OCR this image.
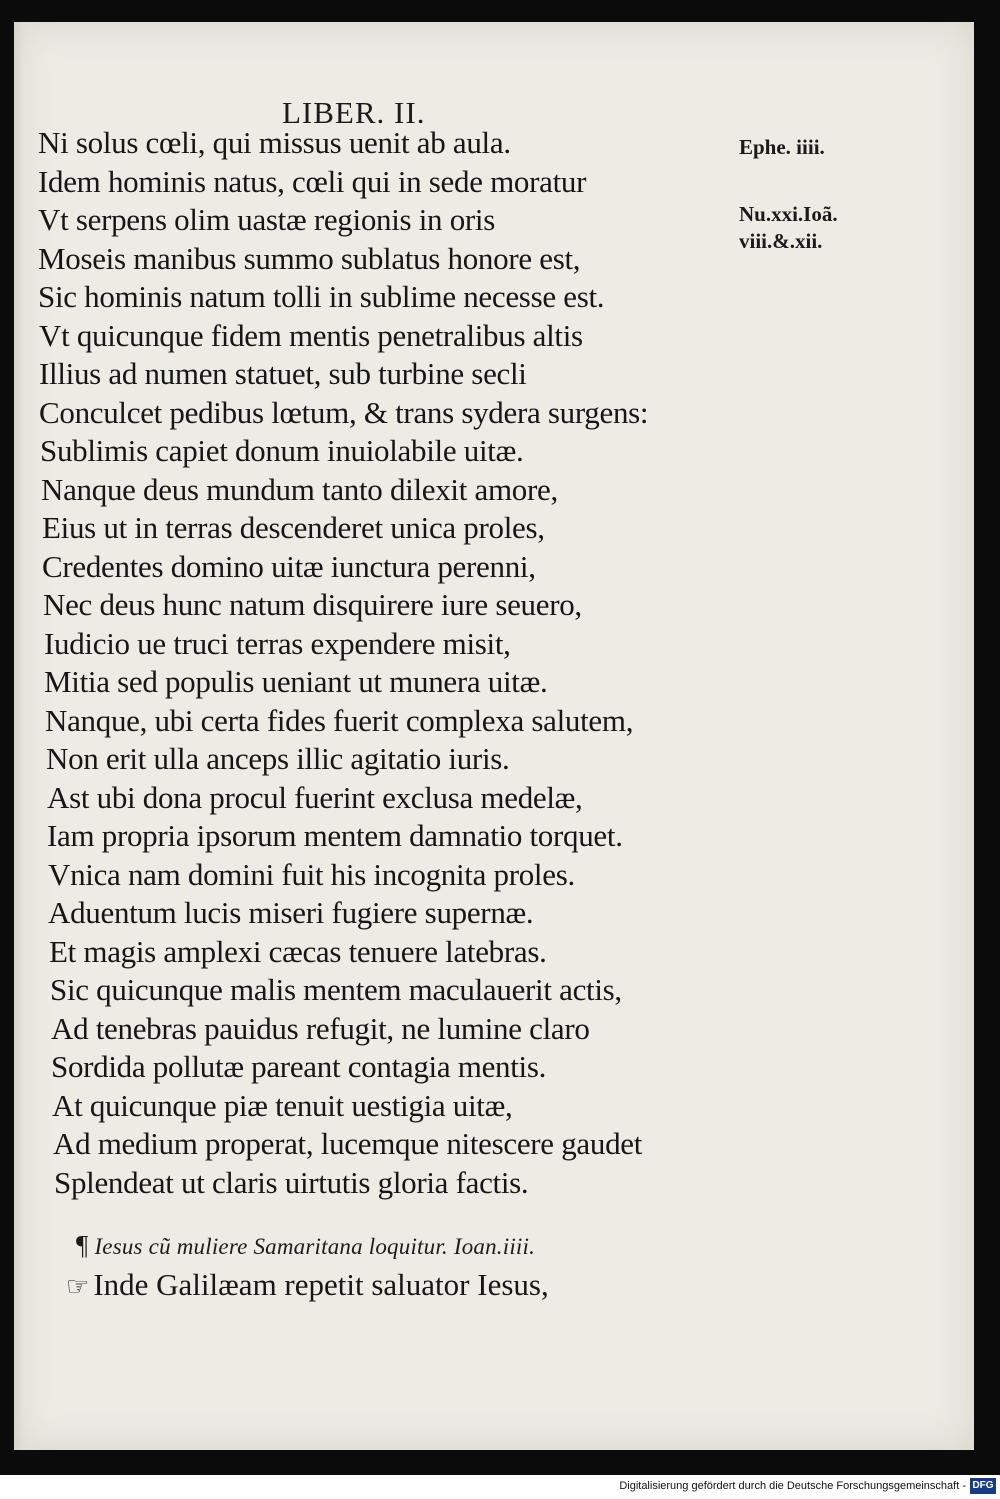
LIBER. II.
Ni solus cœli, qui missus uenit ab aula.
Idem hominis natus, cœli qui in sede moratur
Vt serpens olim uastæ regionis in oris
Moseis manibus summo sublatus honore est,
Sic hominis natum tolli in sublime necesse est.
Vt quicunque fidem mentis penetralibus altis
Illius ad numen statuet, sub turbine secli
Conculcet pedibus lœtum, & trans sydera surgens:
Sublimis capiet donum inuiolabile uitæ.
Nanque deus mundum tanto dilexit amore,
Eius ut in terras descenderet unica proles,
Credentes domino uitæ iunctura perenni,
Nec deus hunc natum disquirere iure seuero,
Iudicio ue truci terras expendere misit,
Mitia sed populis ueniant ut munera uitæ.
Nanque, ubi certa fides fuerit complexa salutem,
Non erit ulla anceps illic agitatio iuris.
Ast ubi dona procul fuerint exclusa medelæ,
Iam propria ipsorum mentem damnatio torquet.
Vnica nam domini fuit his incognita proles.
Aduentum lucis miseri fugiere supernæ.
Et magis amplexi cæcas tenuere latebras.
Sic quicunque malis mentem maculauerit actis,
Ad tenebras pauidus refugit, ne lumine claro
Sordida pollutæ pareant contagia mentis.
At quicunque piæ tenuit uestigia uitæ,
Ad medium properat, lucemque nitescere gaudet
Splendeat ut claris uirtutis gloria factis.
¶ Iesus cũ muliere Samaritana loquitur. Ioan.iiii.
☞ Inde Galilæam repetit saluator Iesus,
Ephe. iiii.
Nu.xxi.Ioã.
viii.&.xii.
Digitalisierung gefördert durch die Deutsche Forschungsgemeinschaft - DFG
